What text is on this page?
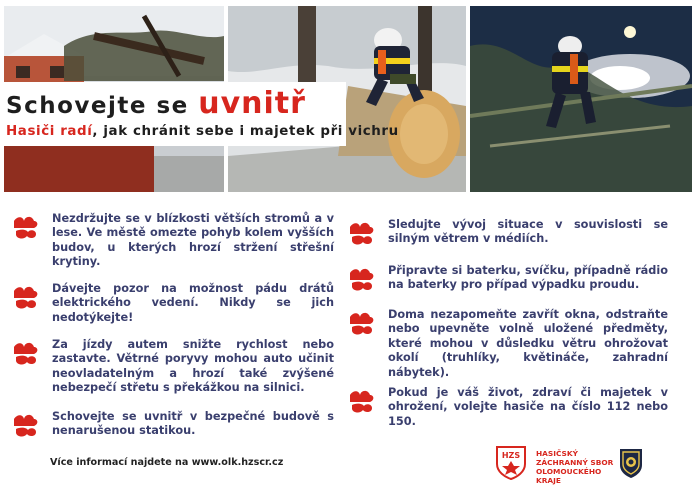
Schovejte se uvnitř
Hasiči radí, jak chránit sebe i majetek při vichru
Nezdržujte se v blízkosti větších stromů a v lese. Ve městě omezte pohyb kolem vyšších budov, u kterých hrozí stržení střešní krytiny.
Dávejte pozor na možnost pádu drátů elektrického vedení. Nikdy se jich nedotýkejte!
Za jízdy autem snižte rychlost nebo zastavte. Větrné poryvy mohou auto učinit neovladatelným a hrozí také zvýšené nebezpečí střetu s překážkou na silnici.
Schovejte se uvnitř v bezpečné budově s nenarušenou statikou.
Sledujte vývoj situace v souvislosti se silným větrem v médiích.
Připravte si baterku, svíčku, případně rádio na baterky pro případ výpadku proudu.
Doma nezapomeňte zavřít okna, odstraňte nebo upevněte volně uložené předměty, které mohou v důsledku větru ohrožovat okolí (truhlíky, květináče, zahradní nábytek).
Pokud je váš život, zdraví či majetek v ohrožení, volejte hasiče na číslo 112 nebo 150.
Více informací najdete na www.olk.hzscr.cz
HZS HASIČSKÝ
ZÁCHRANNÝ SBOR
OLOMOUCKÉHO
KRAJE
